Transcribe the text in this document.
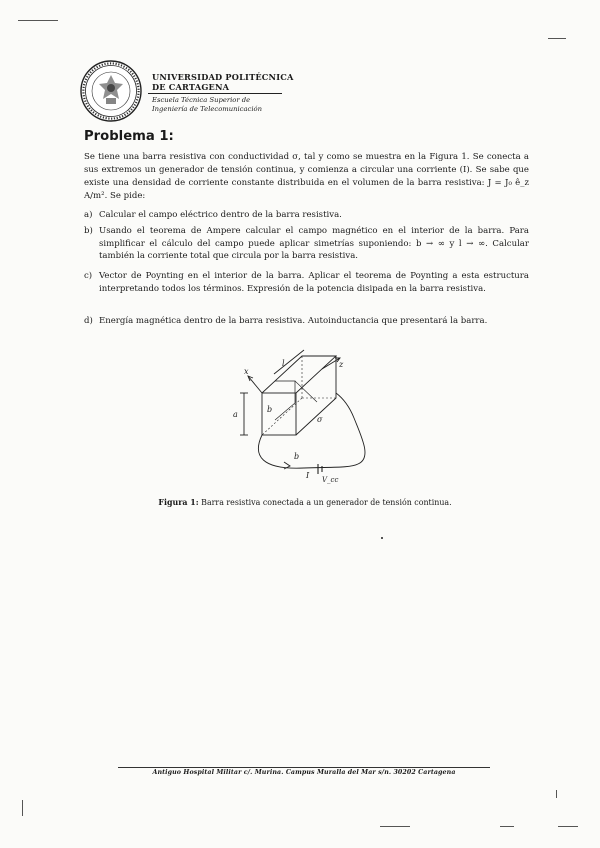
UNIVERSIDAD POLITÉCNICA
DE CARTAGENA
Escuela Técnica Superior de
Ingeniería de Telecomunicación
Problema 1:
Se tiene una barra resistiva con conductividad σ, tal y como se muestra en la Figura 1. Se conecta a sus extremos un generador de tensión continua, y comienza a circular una corriente (I). Se sabe que existe una densidad de corriente constante distribuida en el volumen de la barra resistiva: J = J₀ ê_z A/m². Se pide:
a) Calcular el campo eléctrico dentro de la barra resistiva.
b) Usando el teorema de Ampere calcular el campo magnético en el interior de la barra. Para simplificar el cálculo del campo puede aplicar simetrías suponiendo: b → ∞ y l → ∞. Calcular también la corriente total que circula por la barra resistiva.
c) Vector de Poynting en el interior de la barra. Aplicar el teorema de Poynting a esta estructura interpretando todos los términos. Expresión de la potencia disipada en la barra resistiva.
d) Energía magnética dentro de la barra resistiva. Autoinductancia que presentará la barra.
x
z
l
a
b
b
σ
I V_cc
Figura 1: Barra resistiva conectada a un generador de tensión continua.
Antiguo Hospital Militar c/. Murina. Campus Muralla del Mar s/n. 30202 Cartagena
